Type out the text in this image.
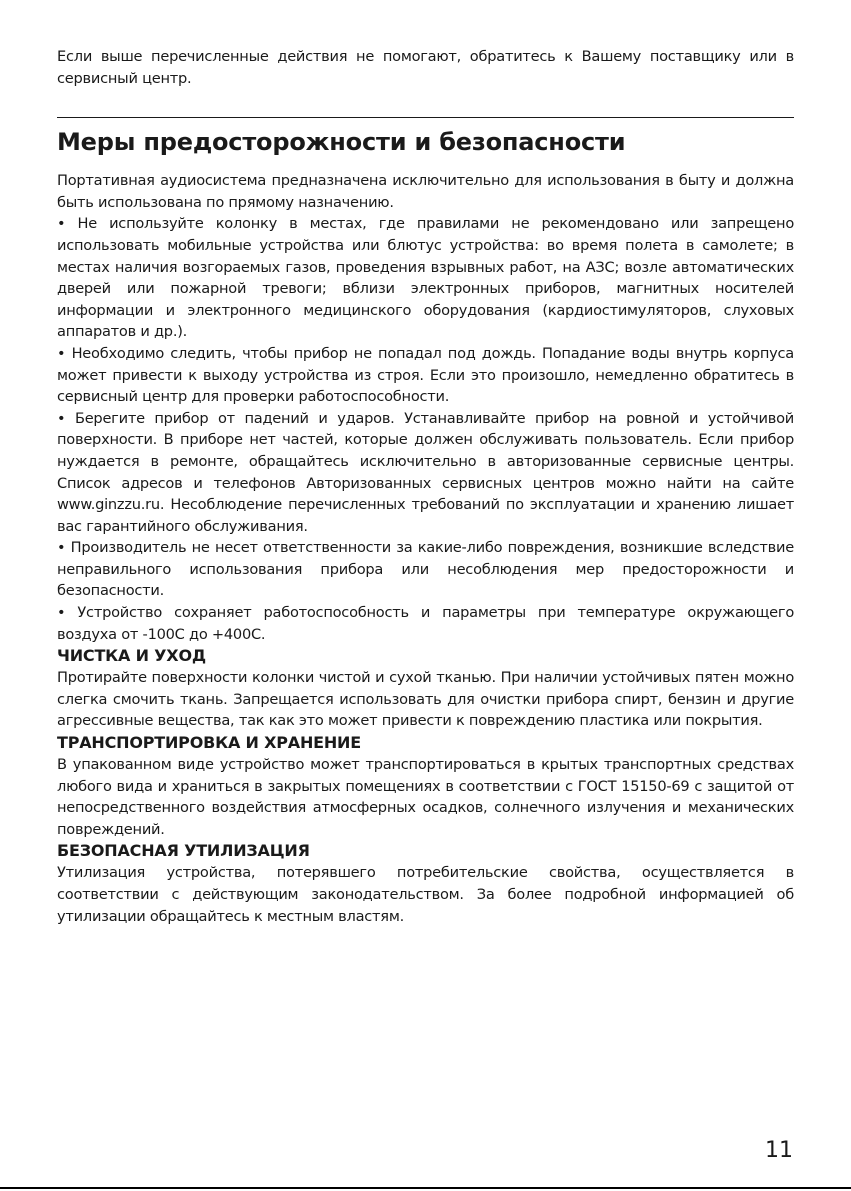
Если выше перечисленные действия не помогают, обратитесь к Вашему поставщику или в сервисный центр.

Меры предосторожности и безопасности

Портативная аудиосистема предназначена исключительно для использования в быту и должна быть использована по прямому назначению.

• Не используйте колонку в местах, где правилами не рекомендовано или запрещено использовать мобильные устройства или блютус устройства: во время полета в самолете; в местах наличия возгораемых газов, проведения взрывных работ, на АЗС; возле автоматических дверей или пожарной тревоги; вблизи электронных приборов, магнитных носителей информации и электронного медицинского оборудования (кардиостимуляторов, слуховых аппаратов и др.).

• Необходимо следить, чтобы прибор не попадал под дождь. Попадание воды внутрь корпуса может привести к выходу устройства из строя. Если это произошло, немедленно обратитесь в сервисный центр для проверки работоспособности.

• Берегите прибор от падений и ударов. Устанавливайте прибор на ровной и устойчивой поверхности. В приборе нет частей, которые должен обслуживать пользователь. Если прибор нуждается в ремонте, обращайтесь исключительно в авторизованные сервисные центры. Список адресов и телефонов Авторизованных сервисных центров можно найти на сайте www.ginzzu.ru. Несоблюдение перечисленных требований по эксплуатации и хранению лишает вас гарантийного обслуживания.

• Производитель не несет ответственности за какие-либо повреждения, возникшие вследствие неправильного использования прибора или несоблюдения мер предосторожности и безопасности.

• Устройство сохраняет работоспособность и параметры при температуре окружающего воздуха от -100С до +400С.

ЧИСТКА И УХОД

Протирайте поверхности колонки чистой и сухой тканью. При наличии устойчивых пятен можно слегка смочить ткань. Запрещается использовать для очистки прибора спирт, бензин и другие агрессивные вещества, так как это может привести к повреждению пластика или покрытия.

ТРАНСПОРТИРОВКА И ХРАНЕНИЕ

В упакованном виде устройство может транспортироваться в крытых транспортных средствах любого вида и храниться в закрытых помещениях в соответствии с ГОСТ 15150-69 с защитой от непосредственного воздействия атмосферных осадков, солнечного излучения и механических повреждений.

БЕЗОПАСНАЯ УТИЛИЗАЦИЯ

Утилизация устройства, потерявшего потребительские свойства, осуществляется в соответствии с действующим законодательством. За более подробной информацией об утилизации обращайтесь к местным властям.

11
